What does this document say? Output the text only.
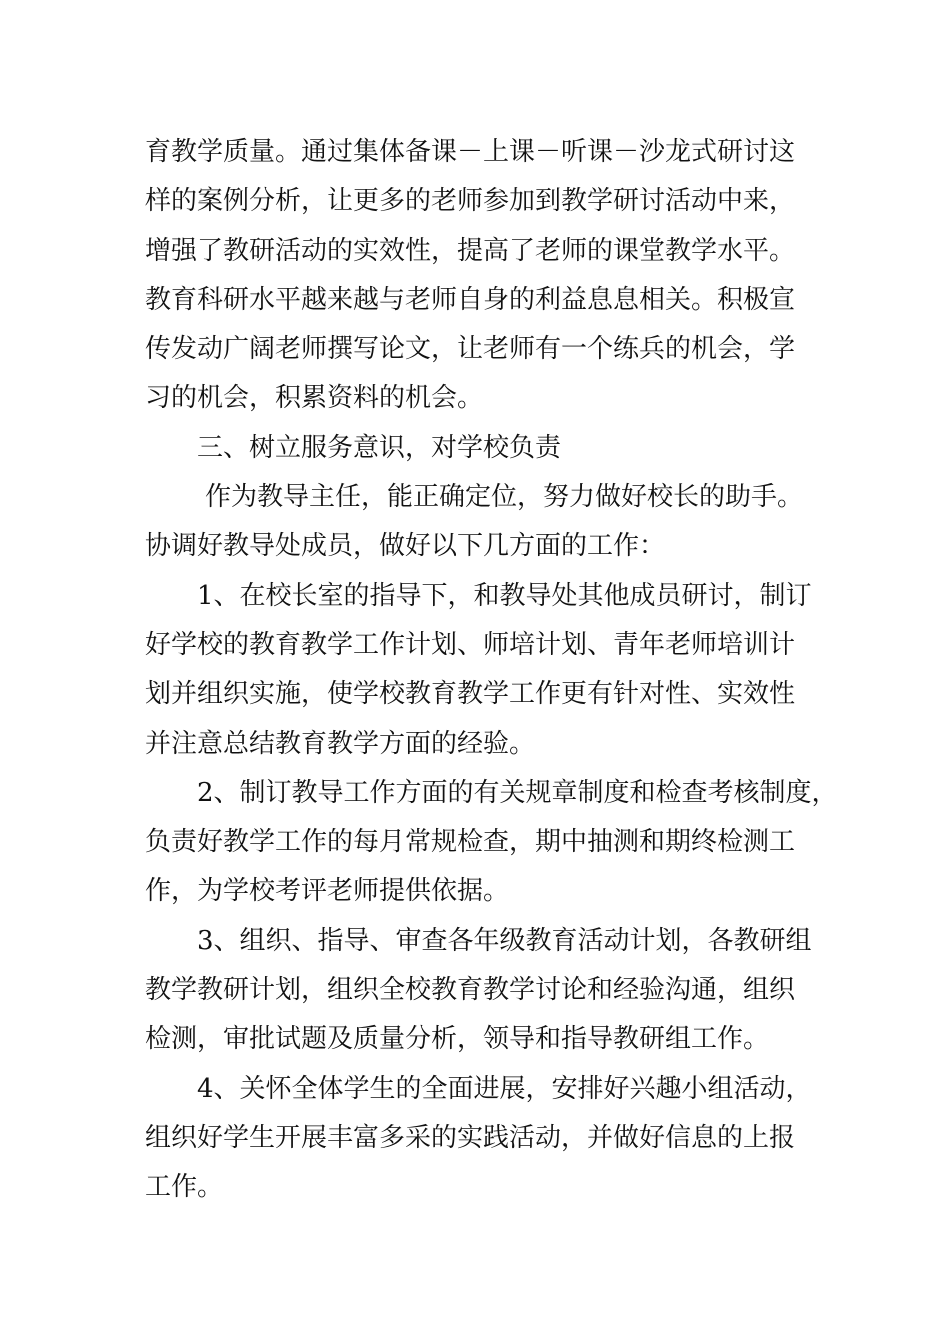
育教学质量。通过集体备课－上课－听课－沙龙式研讨这

样的案例分析，让更多的老师参加到教学研讨活动中来，

增强了教研活动的实效性，提高了老师的课堂教学水平。

教育科研水平越来越与老师自身的利益息息相关。积极宣

传发动广阔老师撰写论文，让老师有一个练兵的机会，学

习的机会，积累资料的机会。

三、树立服务意识，对学校负责

作为教导主任，能正确定位，努力做好校长的助手。

协调好教导处成员，做好以下几方面的工作：

1、在校长室的指导下，和教导处其他成员研讨，制订

好学校的教育教学工作计划、师培计划、青年老师培训计

划并组织实施，使学校教育教学工作更有针对性、实效性

并注意总结教育教学方面的经验。

2、制订教导工作方面的有关规章制度和检查考核制度，

负责好教学工作的每月常规检查，期中抽测和期终检测工

作，为学校考评老师提供依据。

3、组织、指导、审查各年级教育活动计划，各教研组

教学教研计划，组织全校教育教学讨论和经验沟通，组织

检测，审批试题及质量分析，领导和指导教研组工作。

4、关怀全体学生的全面进展，安排好兴趣小组活动，

组织好学生开展丰富多采的实践活动，并做好信息的上报

工作。
